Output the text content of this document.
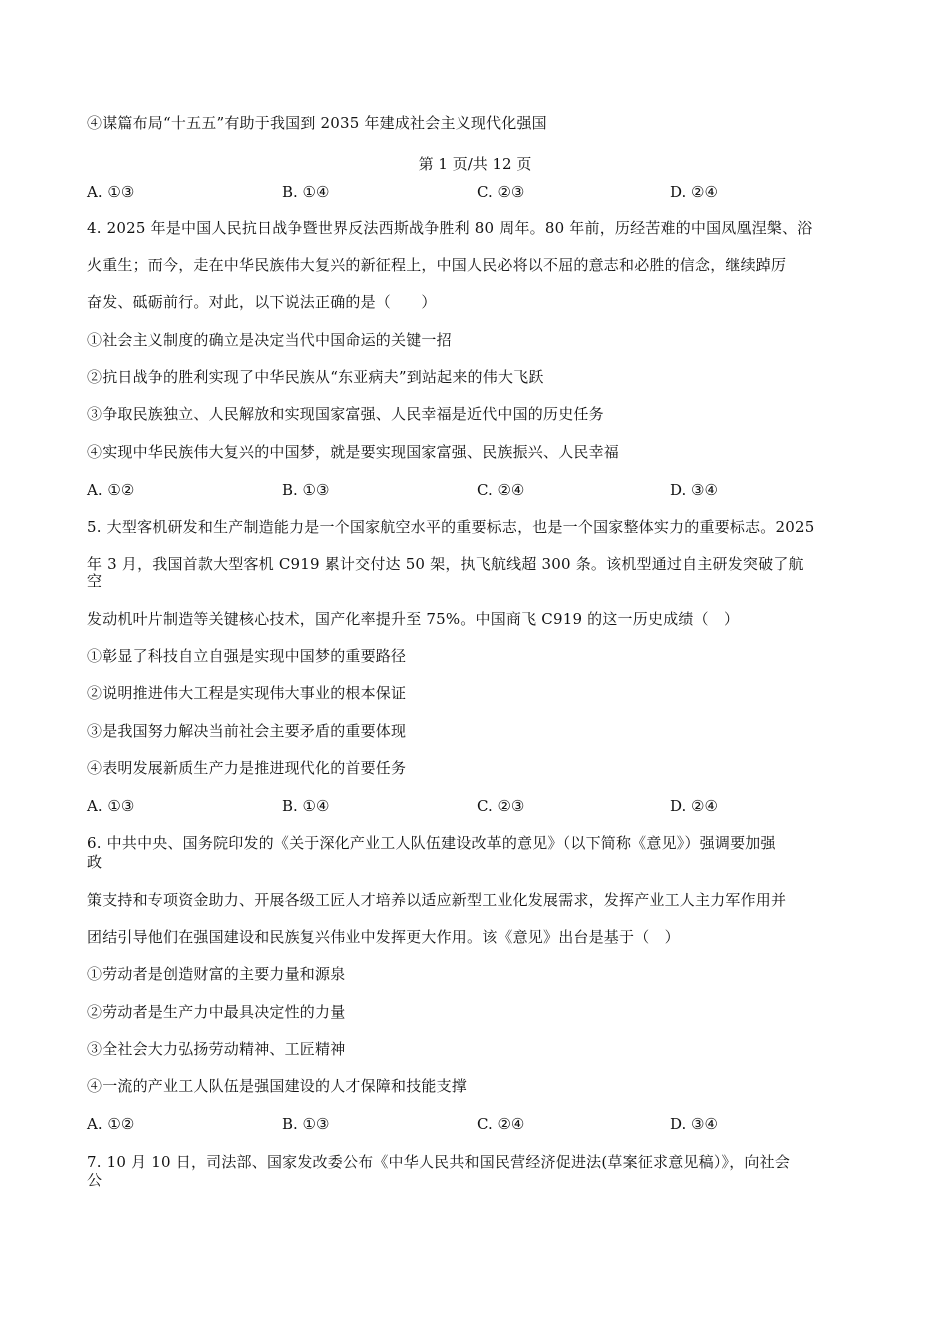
④谋篇布局“十五五”有助于我国到 2035 年建成社会主义现代化强国
第 1 页/共 12 页
A. ①③	B. ①④	C. ②③	D. ②④
4. 2025 年是中国人民抗日战争暨世界反法西斯战争胜利 80 周年。80 年前，历经苦难的中国凤凰涅槃、浴
火重生；而今，走在中华民族伟大复兴的新征程上，中国人民必将以不屈的意志和必胜的信念，继续踔厉
奋发、砥砺前行。对此，以下说法正确的是（　　）
①社会主义制度的确立是决定当代中国命运的关键一招
②抗日战争的胜利实现了中华民族从“东亚病夫”到站起来的伟大飞跃
③争取民族独立、人民解放和实现国家富强、人民幸福是近代中国的历史任务
④实现中华民族伟大复兴的中国梦，就是要实现国家富强、民族振兴、人民幸福
A. ①②	B. ①③	C. ②④	D. ③④
5. 大型客机研发和生产制造能力是一个国家航空水平的重要标志，也是一个国家整体实力的重要标志。2025
年 3 月，我国首款大型客机 C919 累计交付达 50 架，执飞航线超 300 条。该机型通过自主研发突破了航
空
发动机叶片制造等关键核心技术，国产化率提升至 75%。中国商飞 C919 的这一历史成绩（　）
①彰显了科技自立自强是实现中国梦的重要路径
②说明推进伟大工程是实现伟大事业的根本保证
③是我国努力解决当前社会主要矛盾的重要体现
④表明发展新质生产力是推进现代化的首要任务
A. ①③	B. ①④	C. ②③	D. ②④
6. 中共中央、国务院印发的《关于深化产业工人队伍建设改革的意见》（以下简称《意见》）强调要加强
政
策支持和专项资金助力、开展各级工匠人才培养以适应新型工业化发展需求，发挥产业工人主力军作用并
团结引导他们在强国建设和民族复兴伟业中发挥更大作用。该《意见》出台是基于（　）
①劳动者是创造财富的主要力量和源泉
②劳动者是生产力中最具决定性的力量
③全社会大力弘扬劳动精神、工匠精神
④一流的产业工人队伍是强国建设的人才保障和技能支撑
A. ①②	B. ①③	C. ②④	D. ③④
7. 10 月 10 日，司法部、国家发改委公布《中华人民共和国民营经济促进法(草案征求意见稿）》，向社会
公
